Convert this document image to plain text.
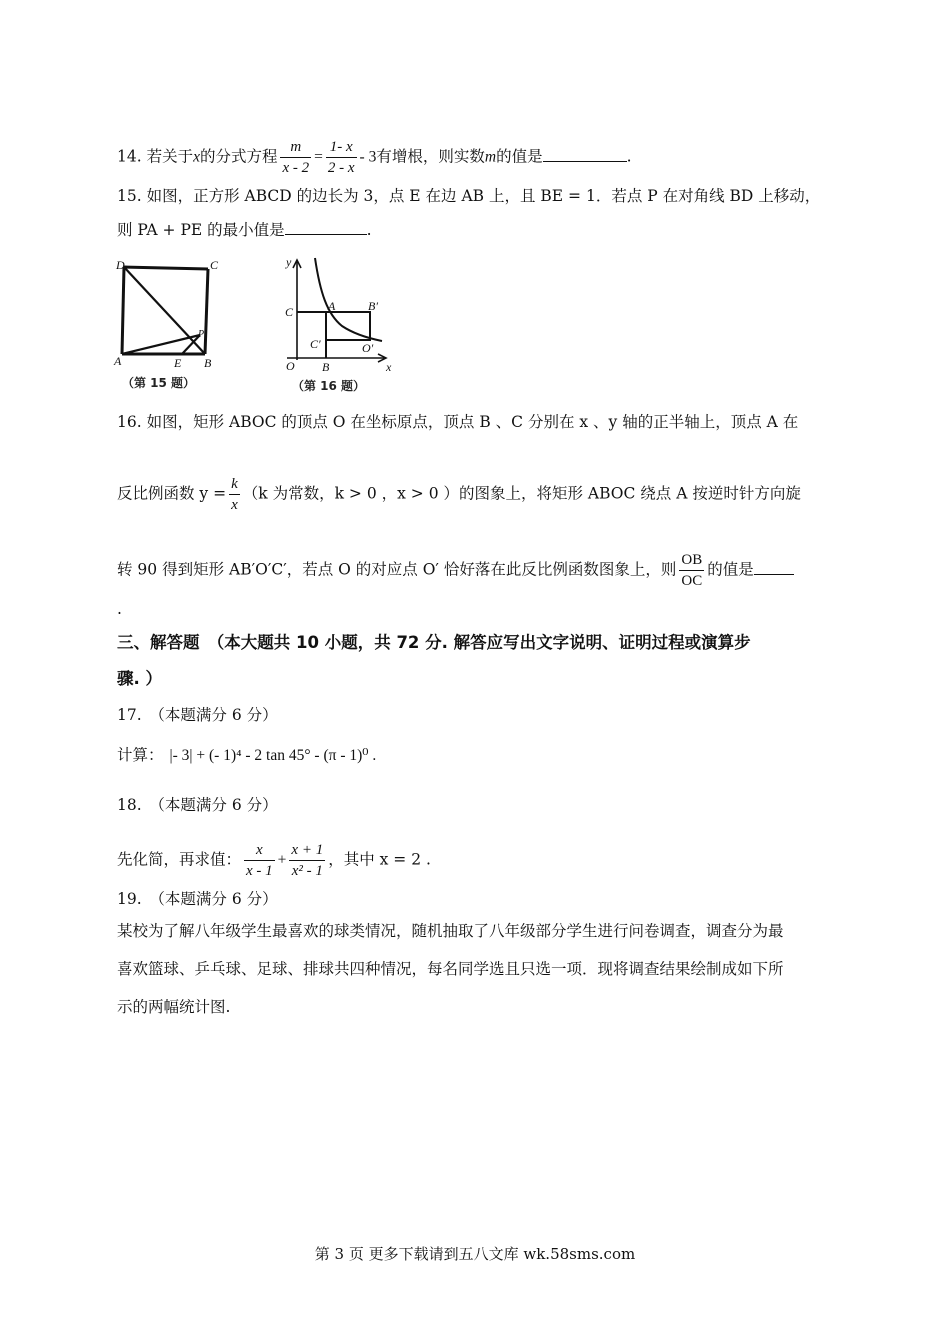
14. 若关于x的分式方程 $\frac{m}{x - 2} = \frac{1- x}{2 - x} - 3$有增根，则实数m的值是	.
15. 如图，正方形 ABCD 的边长为 3，点 E 在边 AB 上，且 BE = 1．若点 P 在对角线 BD 上移动，
则 PA + PE 的最小值是	.
D	C
A	E B
P
（第 15 题）
y
C	A	B′
C′	O′
O B	x
（第 16 题）
16. 如图，矩形 ABOC 的顶点 O 在坐标原点，顶点 B 、C 分别在 x 、y 轴的正半轴上，顶点 A 在
反比例函数 $y = \frac{k}{x} (k$ 为常数，k > 0 ，x > 0 ）的图象上，将矩形 ABOC 绕点 A 按逆时针方向旋
转 90 得到矩形 AB′O′C′，若点 O 的对应点 O′ 恰好落在此反比例函数图象上，则 $\frac{OB}{OC}$ 的值是
.
三、解答题　（本大题共 10 小题，共 72 分. 解答应写出文字说明、证明过程或演算步
骤. ）
17.　（本题满分 6 分）
计算： |- 3| + (- 1)⁴ - 2 tan 45° - (π - 1)⁰ .
18.　（本题满分 6 分）
先化简，再求值： $\frac{x}{x - 1} + \frac{x + 1}{\text{x² - 1}}$ ，其中 x = 2 .
19.　（本题满分 6 分）
某校为了解八年级学生最喜欢的球类情况，随机抽取了八年级部分学生进行问卷调查，调查分为最
喜欢篮球、乒乓球、足球、排球共四种情况，每名同学选且只选一项．现将调查结果绘制成如下所
示的两幅统计图.
第 3 页 更多下载请到五八文库 wk.58sms.com
